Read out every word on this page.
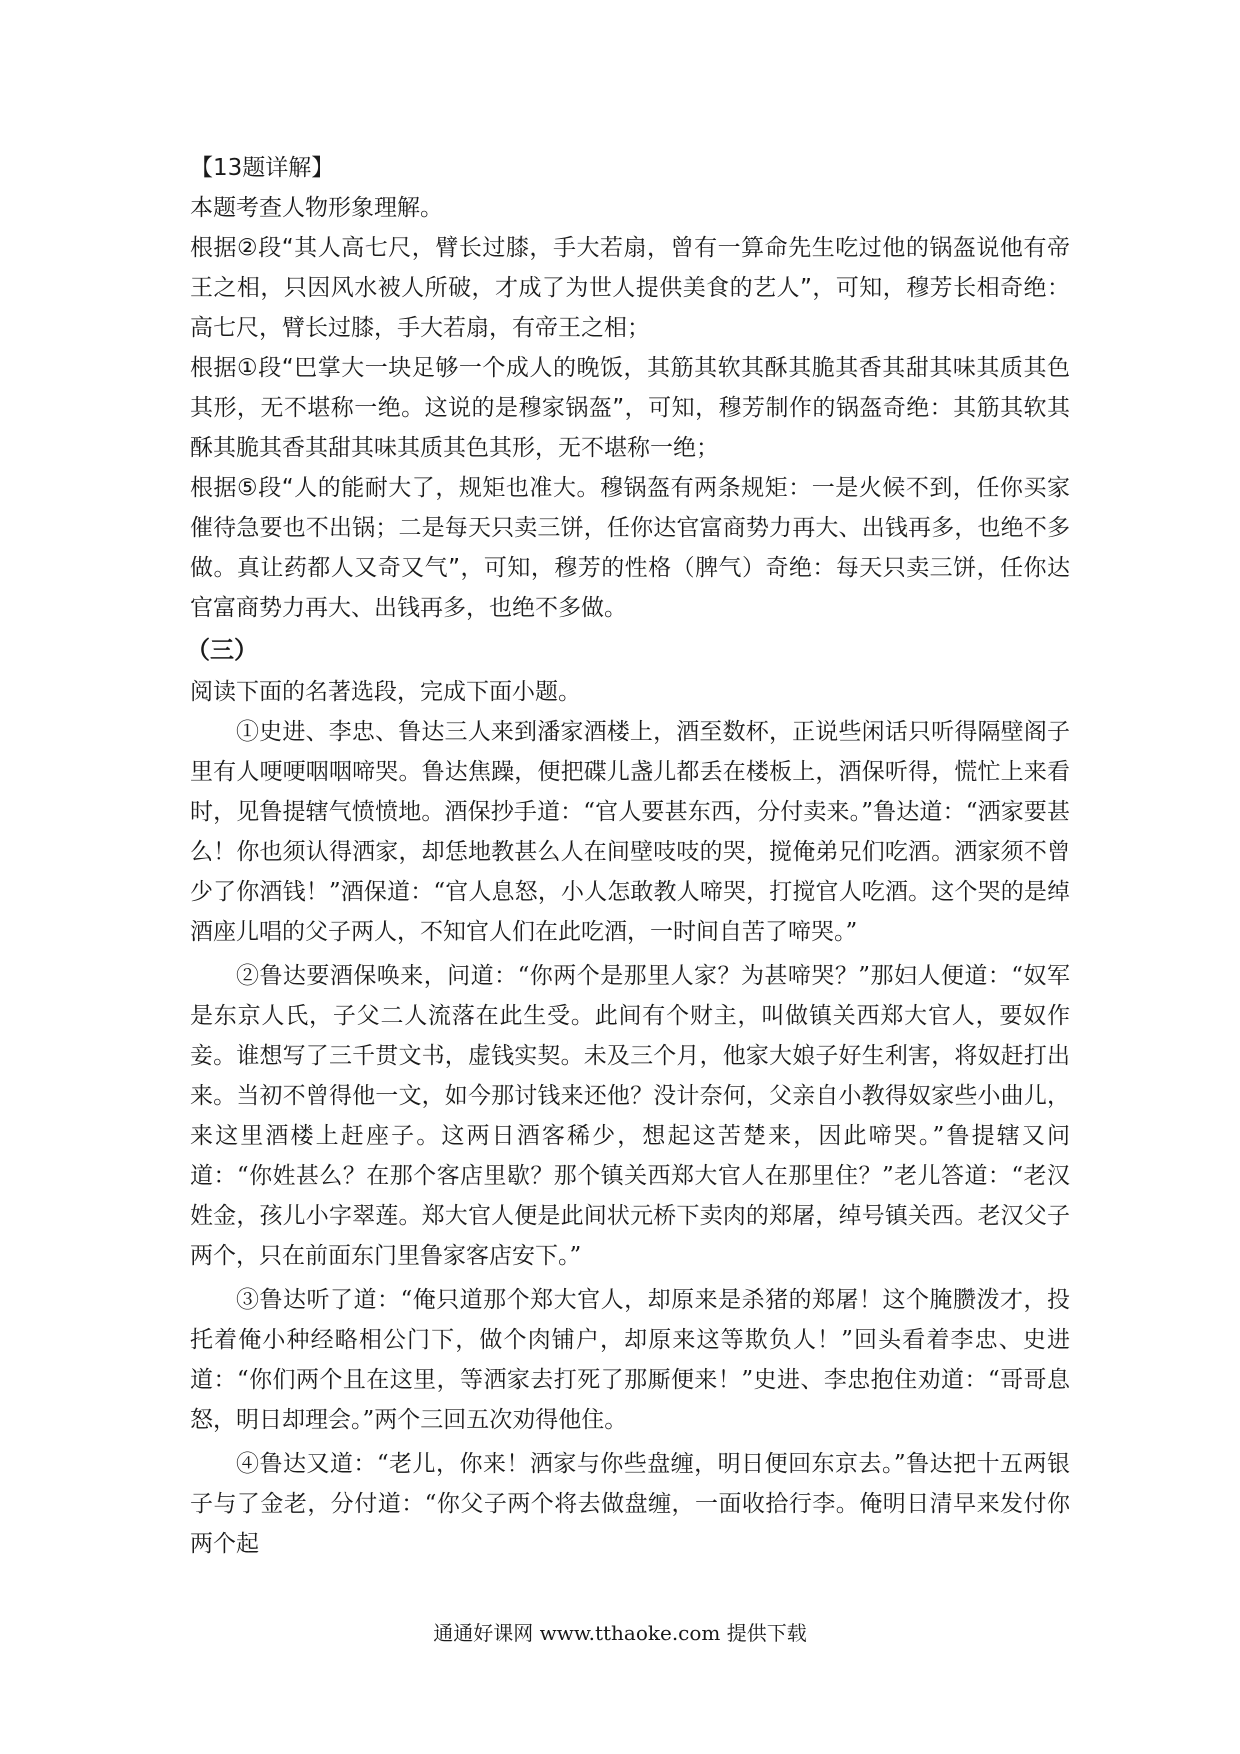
【13题详解】

本题考查人物形象理解。

根据②段“其人高七尺，臂长过膝，手大若扇，曾有一算命先生吃过他的锅盔说他有帝王之相，只因风水被人所破，才成了为世人提供美食的艺人”，可知，穆芳长相奇绝：高七尺，臂长过膝，手大若扇，有帝王之相；

根据①段“巴掌大一块足够一个成人的晚饭，其筋其软其酥其脆其香其甜其味其质其色其形，无不堪称一绝。这说的是穆家锅盔”，可知，穆芳制作的锅盔奇绝：其筋其软其酥其脆其香其甜其味其质其色其形，无不堪称一绝；

根据⑤段“人的能耐大了，规矩也准大。穆锅盔有两条规矩：一是火候不到，任你买家催待急要也不出锅；二是每天只卖三饼，任你达官富商势力再大、出钱再多，也绝不多做。真让药都人又奇又气”，可知，穆芳的性格（脾气）奇绝：每天只卖三饼，任你达官富商势力再大、出钱再多，也绝不多做。

（三）

阅读下面的名著选段，完成下面小题。

①史进、李忠、鲁达三人来到潘家酒楼上，酒至数杯，正说些闲话只听得隔壁阁子里有人哽哽咽咽啼哭。鲁达焦躁，便把碟儿盏儿都丢在楼板上，酒保听得，慌忙上来看时，见鲁提辖气愤愤地。酒保抄手道：“官人要甚东西，分付卖来。”鲁达道：“洒家要甚么！你也须认得洒家，却恁地教甚么人在间壁吱吱的哭，搅俺弟兄们吃酒。洒家须不曾少了你酒钱！”酒保道：“官人息怒，小人怎敢教人啼哭，打搅官人吃酒。这个哭的是绰酒座儿唱的父子两人，不知官人们在此吃酒，一时间自苦了啼哭。”

②鲁达要酒保唤来，问道：“你两个是那里人家？为甚啼哭？”那妇人便道：“奴军是东京人氏，子父二人流落在此生受。此间有个财主，叫做镇关西郑大官人，要奴作妾。谁想写了三千贯文书，虚钱实契。未及三个月，他家大娘子好生利害，将奴赶打出来。当初不曾得他一文，如今那讨钱来还他？没计奈何，父亲自小教得奴家些小曲儿，来这里酒楼上赶座子。这两日酒客稀少，想起这苦楚来，因此啼哭。”鲁提辖又问道：“你姓甚么？在那个客店里歇？那个镇关西郑大官人在那里住？”老儿答道：“老汉姓金，孩儿小字翠莲。郑大官人便是此间状元桥下卖肉的郑屠，绰号镇关西。老汉父子两个，只在前面东门里鲁家客店安下。”

③鲁达听了道：“俺只道那个郑大官人，却原来是杀猪的郑屠！这个腌臜泼才，投托着俺小种经略相公门下，做个肉铺户，却原来这等欺负人！”回头看着李忠、史进道：“你们两个且在这里，等洒家去打死了那厮便来！”史进、李忠抱住劝道：“哥哥息怒，明日却理会。”两个三回五次劝得他住。

④鲁达又道：“老儿，你来！洒家与你些盘缠，明日便回东京去。”鲁达把十五两银子与了金老，分付道：“你父子两个将去做盘缠，一面收拾行李。俺明日清早来发付你两个起

通通好课网 www.tthaoke.com 提供下载
